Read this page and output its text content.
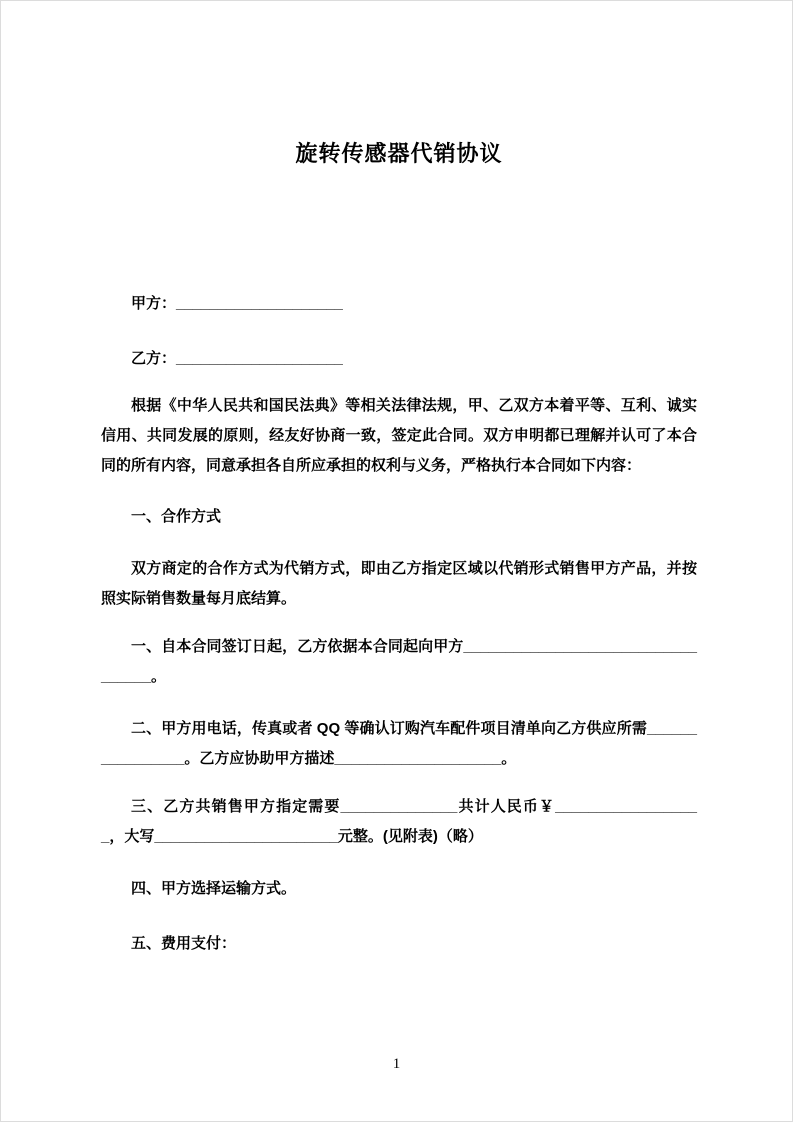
旋转传感器代销协议

甲方：____________________

乙方：____________________

根据《中华人民共和国民法典》等相关法律法规，甲、乙双方本着平等、互利、诚实信用、共同发展的原则，经友好协商一致，签定此合同。双方申明都已理解并认可了本合同的所有内容，同意承担各自所应承担的权利与义务，严格执行本合同如下内容：

一、合作方式

双方商定的合作方式为代销方式，即由乙方指定区域以代销形式销售甲方产品，并按照实际销售数量每月底结算。

一、自本合同签订日起，乙方依据本合同起向甲方__________________________________。

二、甲方用电话，传真或者 QQ 等确认订购汽车配件项目清单向乙方供应所需________________。乙方应协助甲方描述____________________。

三、乙方共销售甲方指定需要______________共计人民币￥__________________，大写______________________元整。(见附表)（略）

四、甲方选择运输方式。

五、费用支付：

1
